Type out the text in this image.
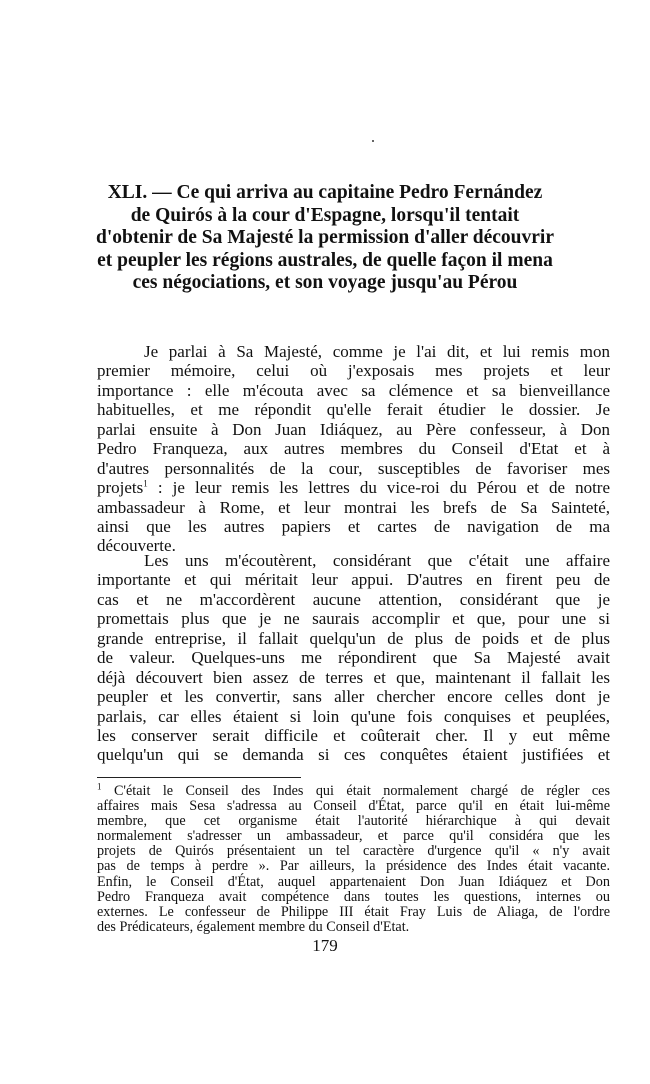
XLI. — Ce qui arriva au capitaine Pedro Fernández
de Quirós à la cour d'Espagne, lorsqu'il tentait
d'obtenir de Sa Majesté la permission d'aller découvrir
et peupler les régions australes, de quelle façon il mena
ces négociations, et son voyage jusqu'au Pérou
Je parlai à Sa Majesté, comme je l'ai dit, et lui remis mon
premier mémoire, celui où j'exposais mes projets et leur
importance : elle m'écouta avec sa clémence et sa bienveillance
habituelles, et me répondit qu'elle ferait étudier le dossier. Je
parlai ensuite à Don Juan Idiáquez, au Père confesseur, à Don
Pedro Franqueza, aux autres membres du Conseil d'Etat et à
d'autres personnalités de la cour, susceptibles de favoriser mes
projets$^1$ : je leur remis les lettres du vice-roi du Pérou et de notre
ambassadeur à Rome, et leur montrai les brefs de Sa Sainteté,
ainsi que les autres papiers et cartes de navigation de ma
découverte.
Les uns m'écoutèrent, considérant que c'était une affaire
importante et qui méritait leur appui. D'autres en firent peu de
cas et ne m'accordèrent aucune attention, considérant que je
promettais plus que je ne saurais accomplir et que, pour une si
grande entreprise, il fallait quelqu'un de plus de poids et de plus
de valeur. Quelques-uns me répondirent que Sa Majesté avait
déjà découvert bien assez de terres et que, maintenant il fallait les
peupler et les convertir, sans aller chercher encore celles dont je
parlais, car elles étaient si loin qu'une fois conquises et peuplées,
les conserver serait difficile et coûterait cher. Il y eut même
quelqu'un qui se demanda si ces conquêtes étaient justifiées et
$^1$ C'était le Conseil des Indes qui était normalement chargé de régler ces
affaires mais Sesa s'adressa au Conseil d'État, parce qu'il en était lui-même
membre, que cet organisme était l'autorité hiérarchique à qui devait
normalement s'adresser un ambassadeur, et parce qu'il considéra que les
projets de Quirós présentaient un tel caractère d'urgence qu'il « n'y avait
pas de temps à perdre ». Par ailleurs, la présidence des Indes était vacante.
Enfin, le Conseil d'État, auquel appartenaient Don Juan Idiáquez et Don
Pedro Franqueza avait compétence dans toutes les questions, internes ou
externes. Le confesseur de Philippe III était Fray Luis de Aliaga, de l'ordre
des Prédicateurs, également membre du Conseil d'Etat.
179
